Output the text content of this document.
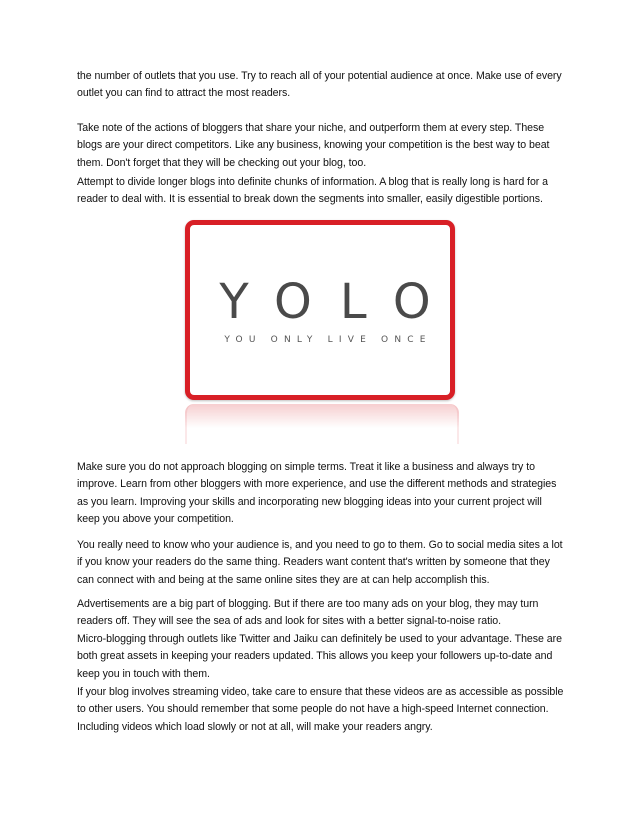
the number of outlets that you use. Try to reach all of your potential audience at once. Make use of every outlet you can find to attract the most readers.

Take note of the actions of bloggers that share your niche, and outperform them at every step. These blogs are your direct competitors. Like any business, knowing your competition is the best way to beat them. Don't forget that they will be checking out your blog, too.

Attempt to divide longer blogs into definite chunks of information. A blog that is really long is hard for a reader to deal with. It is essential to break down the segments into smaller, easily digestible portions.

YOLO
YOU ONLY LIVE ONCE

Make sure you do not approach blogging on simple terms. Treat it like a business and always try to improve. Learn from other bloggers with more experience, and use the different methods and strategies as you learn. Improving your skills and incorporating new blogging ideas into your current project will keep you above your competition.

You really need to know who your audience is, and you need to go to them. Go to social media sites a lot if you know your readers do the same thing. Readers want content that's written by someone that they can connect with and being at the same online sites they are at can help accomplish this.

Advertisements are a big part of blogging. But if there are too many ads on your blog, they may turn readers off. They will see the sea of ads and look for sites with a better signal-to-noise ratio.

Micro-blogging through outlets like Twitter and Jaiku can definitely be used to your advantage. These are both great assets in keeping your readers updated. This allows you keep your followers up-to-date and keep you in touch with them.

If your blog involves streaming video, take care to ensure that these videos are as accessible as possible to other users. You should remember that some people do not have a high-speed Internet connection. Including videos which load slowly or not at all, will make your readers angry.
